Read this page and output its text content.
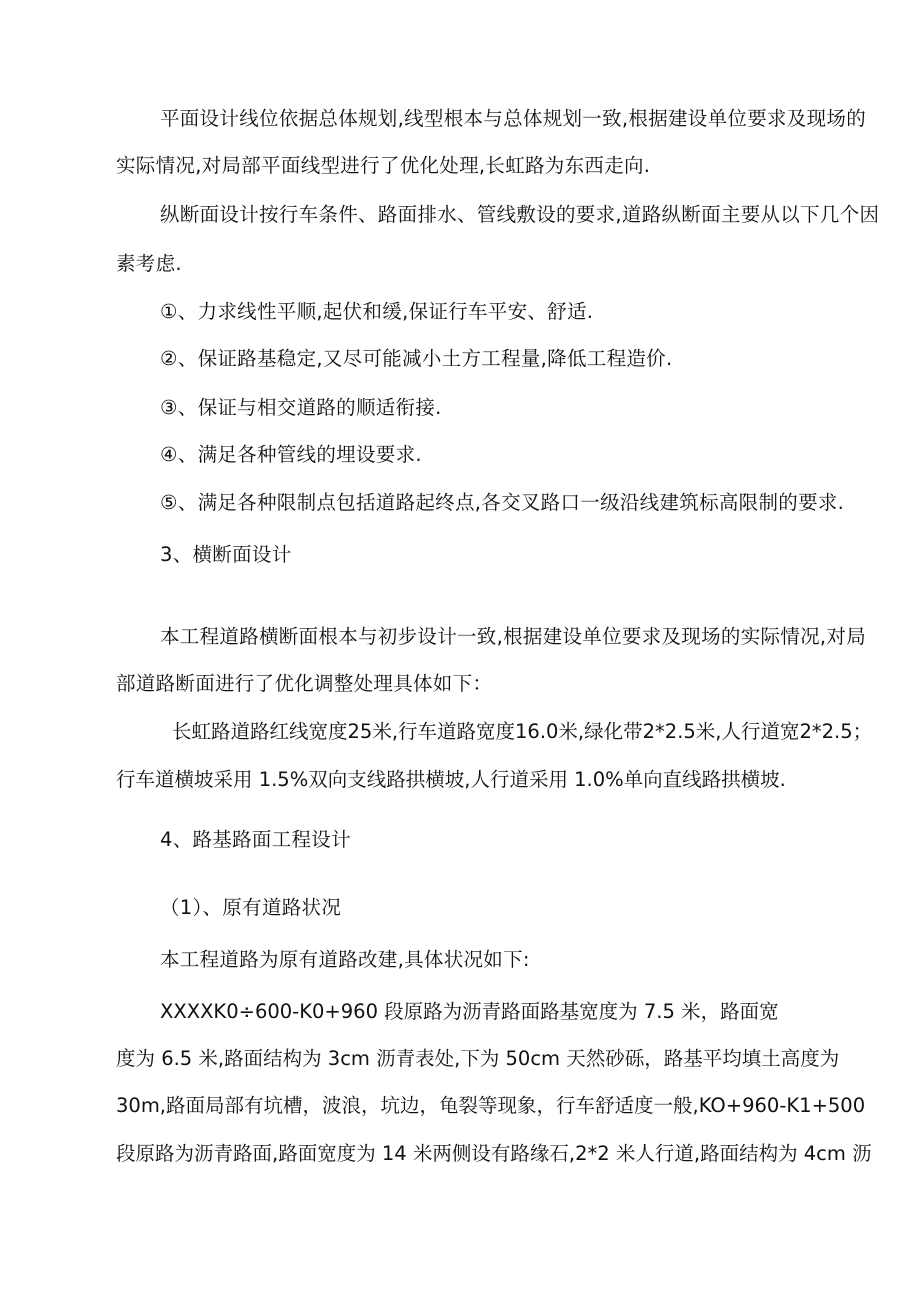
平面设计线位依据总体规划,线型根本与总体规划一致,根据建设单位要求及现场的
实际情况,对局部平面线型进行了优化处理,长虹路为东西走向.
纵断面设计按行车条件、路面排水、管线敷设的要求,道路纵断面主要从以下几个因
素考虑.
①、力求线性平顺,起伏和缓,保证行车平安、舒适.
②、保证路基稳定,又尽可能减小土方工程量,降低工程造价.
③、保证与相交道路的顺适衔接.
④、满足各种管线的埋设要求.
⑤、满足各种限制点包括道路起终点,各交叉路口一级沿线建筑标高限制的要求.
3、横断面设计
本工程道路横断面根本与初步设计一致,根据建设单位要求及现场的实际情况,对局
部道路断面进行了优化调整处理具体如下：
长虹路道路红线宽度25米,行车道路宽度16.0米,绿化带2*2.5米,人行道宽2*2.5；
行车道横坡采用 1.5%双向支线路拱横坡,人行道采用 1.0%单向直线路拱横坡.
4、路基路面工程设计
（1）、原有道路状况
本工程道路为原有道路改建,具体状况如下:
XXXXK0÷600-K0+960 段原路为沥青路面路基宽度为 7.5 米，路面宽
度为 6.5 米,路面结构为 3cm 沥青表处,下为 50cm 天然砂砾，路基平均填土高度为
30m,路面局部有坑槽，波浪，坑边，龟裂等现象，行车舒适度一般,KO+960-K1+500
段原路为沥青路面,路面宽度为 14 米两侧设有路缘石,2*2 米人行道,路面结构为 4cm 沥
